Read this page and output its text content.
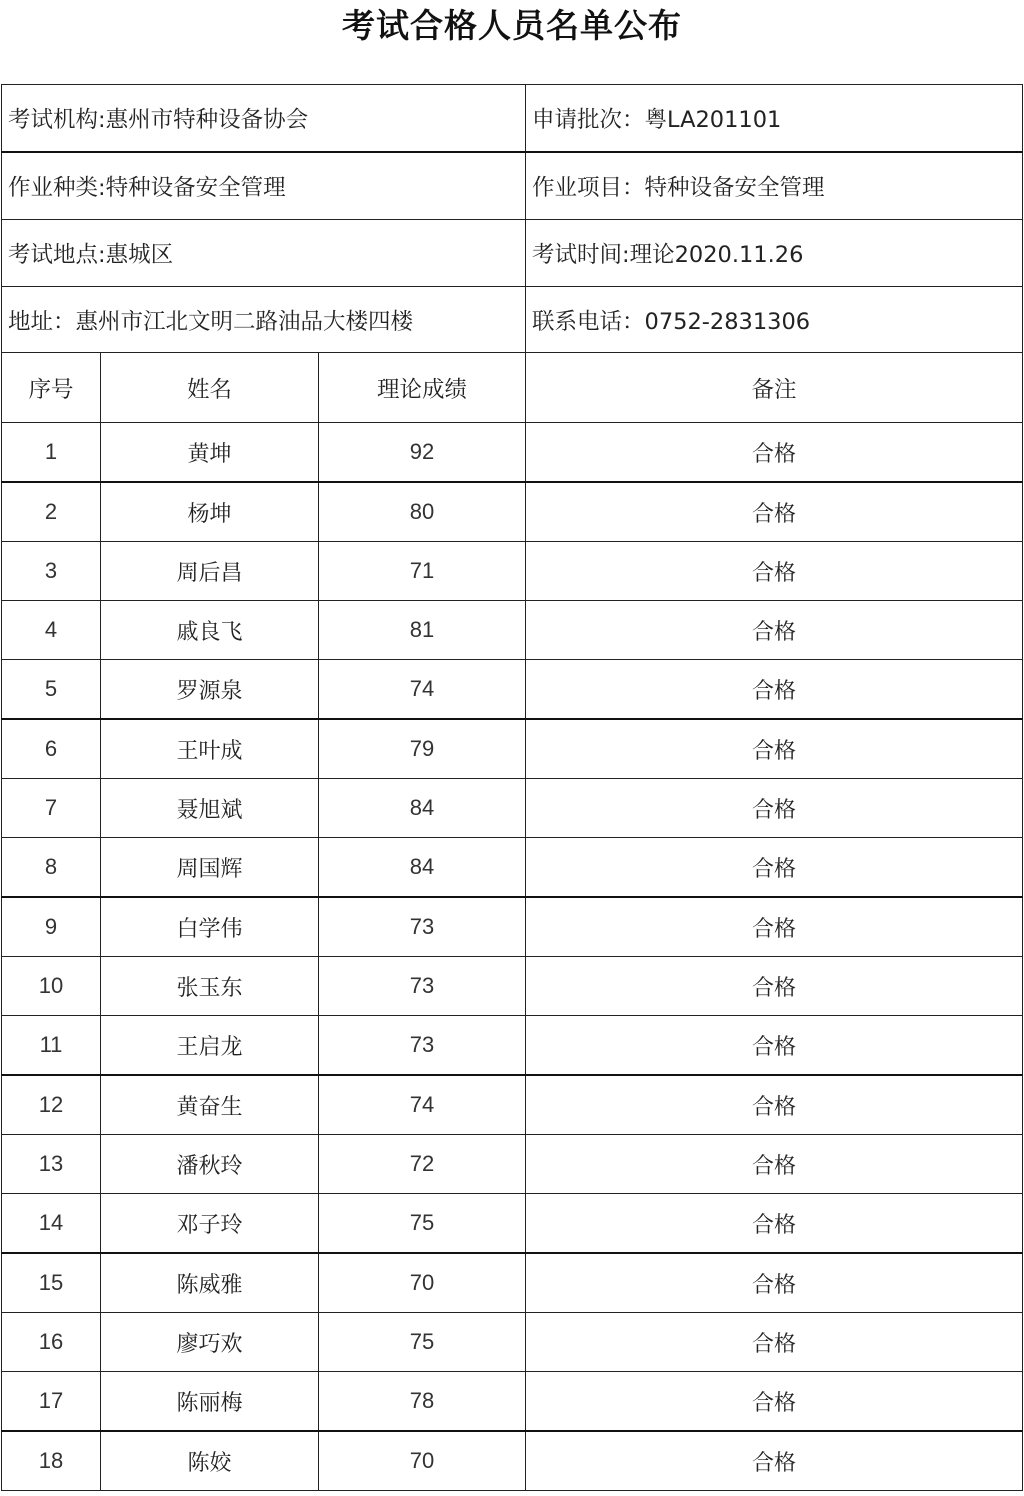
考试合格人员名单公布
考试机构:惠州市特种设备协会			申请批次：粤LA201101
作业种类:特种设备安全管理			作业项目：特种设备安全管理
考试地点:惠城区			考试时间:理论2020.11.26
地址：惠州市江北文明二路油品大楼四楼			联系电话：0752-2831306
序号	姓名	理论成绩	备注
1	黄坤	92	合格
2	杨坤	80	合格
3	周后昌	71	合格
4	戚良飞	81	合格
5	罗源泉	74	合格
6	王叶成	79	合格
7	聂旭斌	84	合格
8	周国辉	84	合格
9	白学伟	73	合格
10	张玉东	73	合格
11	王启龙	73	合格
12	黄奋生	74	合格
13	潘秋玲	72	合格
14	邓子玲	75	合格
15	陈威雅	70	合格
16	廖巧欢	75	合格
17	陈丽梅	78	合格
18	陈姣	70	合格
